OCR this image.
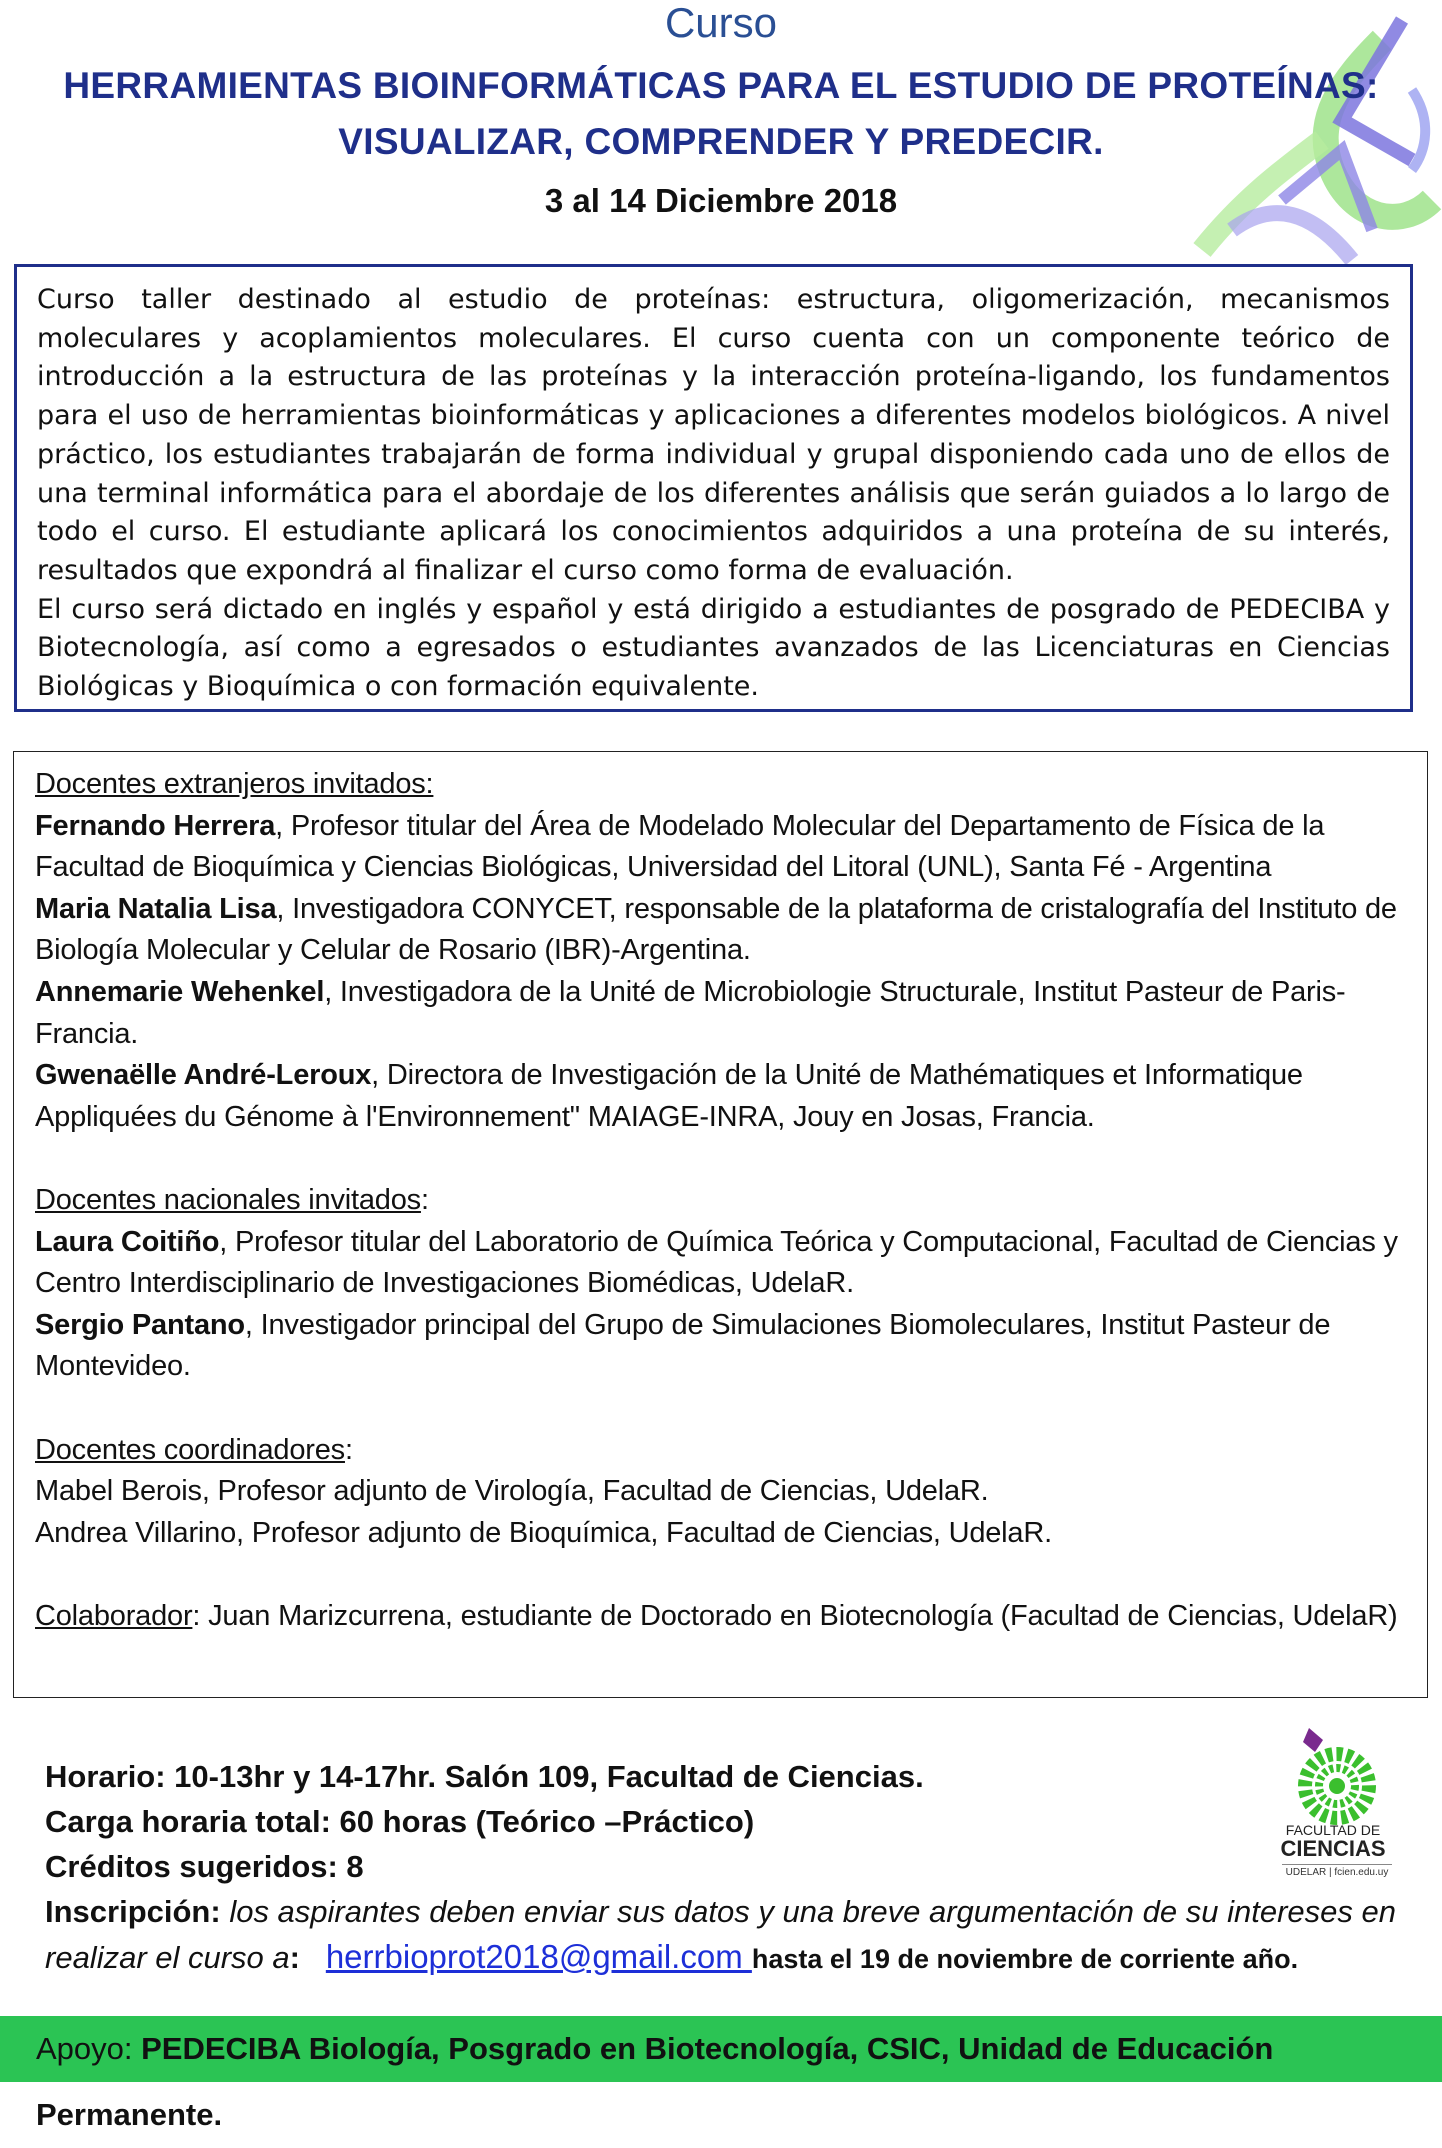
Curso
HERRAMIENTAS BIOINFORMÁTICAS PARA EL ESTUDIO DE PROTEÍNAS:
VISUALIZAR, COMPRENDER Y PREDECIR.
3 al 14 Diciembre 2018

Curso taller destinado al estudio de proteínas: estructura, oligomerización, mecanismos moleculares y acoplamientos moleculares. El curso cuenta con un componente teórico de introducción a la estructura de las proteínas y la interacción proteína-ligando, los fundamentos para el uso de herramientas bioinformáticas y aplicaciones a diferentes modelos biológicos. A nivel práctico, los estudiantes trabajarán de forma individual y grupal disponiendo cada uno de ellos de una terminal informática para el abordaje de los diferentes análisis que serán guiados a lo largo de todo el curso. El estudiante aplicará los conocimientos adquiridos a una proteína de su interés, resultados que expondrá al finalizar el curso como forma de evaluación.

El curso será dictado en inglés y español y está dirigido a estudiantes de posgrado de PEDECIBA y Biotecnología, así como a egresados o estudiantes avanzados de las Licenciaturas en Ciencias Biológicas y Bioquímica o con formación equivalente.

Docentes extranjeros invitados:
Fernando Herrera, Profesor titular del Área de Modelado Molecular del Departamento de Física de la Facultad de Bioquímica y Ciencias Biológicas, Universidad del Litoral (UNL), Santa Fé - Argentina
Maria Natalia Lisa, Investigadora CONYCET, responsable de la plataforma de cristalografía del Instituto de Biología Molecular y Celular de Rosario (IBR)-Argentina.
Annemarie Wehenkel, Investigadora de la Unité de Microbiologie Structurale, Institut Pasteur de Paris- Francia.
Gwenaëlle André-Leroux, Directora de Investigación de la Unité de Mathématiques et Informatique Appliquées du Génome à l'Environnement" MAIAGE-INRA, Jouy en Josas, Francia.
Docentes nacionales invitados:
Laura Coitiño, Profesor titular del Laboratorio de Química Teórica y Computacional, Facultad de Ciencias y Centro Interdisciplinario de Investigaciones Biomédicas, UdelaR.
Sergio Pantano, Investigador principal del Grupo de Simulaciones Biomoleculares, Institut Pasteur de Montevideo.
Docentes coordinadores:
Mabel Berois, Profesor adjunto de Virología, Facultad de Ciencias, UdelaR.
Andrea Villarino, Profesor adjunto de Bioquímica, Facultad de Ciencias, UdelaR.
Colaborador: Juan Marizcurrena, estudiante de Doctorado en Biotecnología (Facultad de Ciencias, UdelaR)
Horario: 10-13hr y 14-17hr. Salón 109, Facultad de Ciencias.
Carga horaria total: 60 horas (Teórico –Práctico)
Créditos sugeridos: 8
Inscripción: los aspirantes deben enviar sus datos y una breve argumentación de su intereses en realizar el curso a: herrbioprot2018@gmail.com hasta el 19 de noviembre de corriente año.
FACULTAD DE
CIENCIAS
UDELAR | fcien.edu.uy
Apoyo: PEDECIBA Biología, Posgrado en Biotecnología, CSIC, Unidad de Educación Permanente.
